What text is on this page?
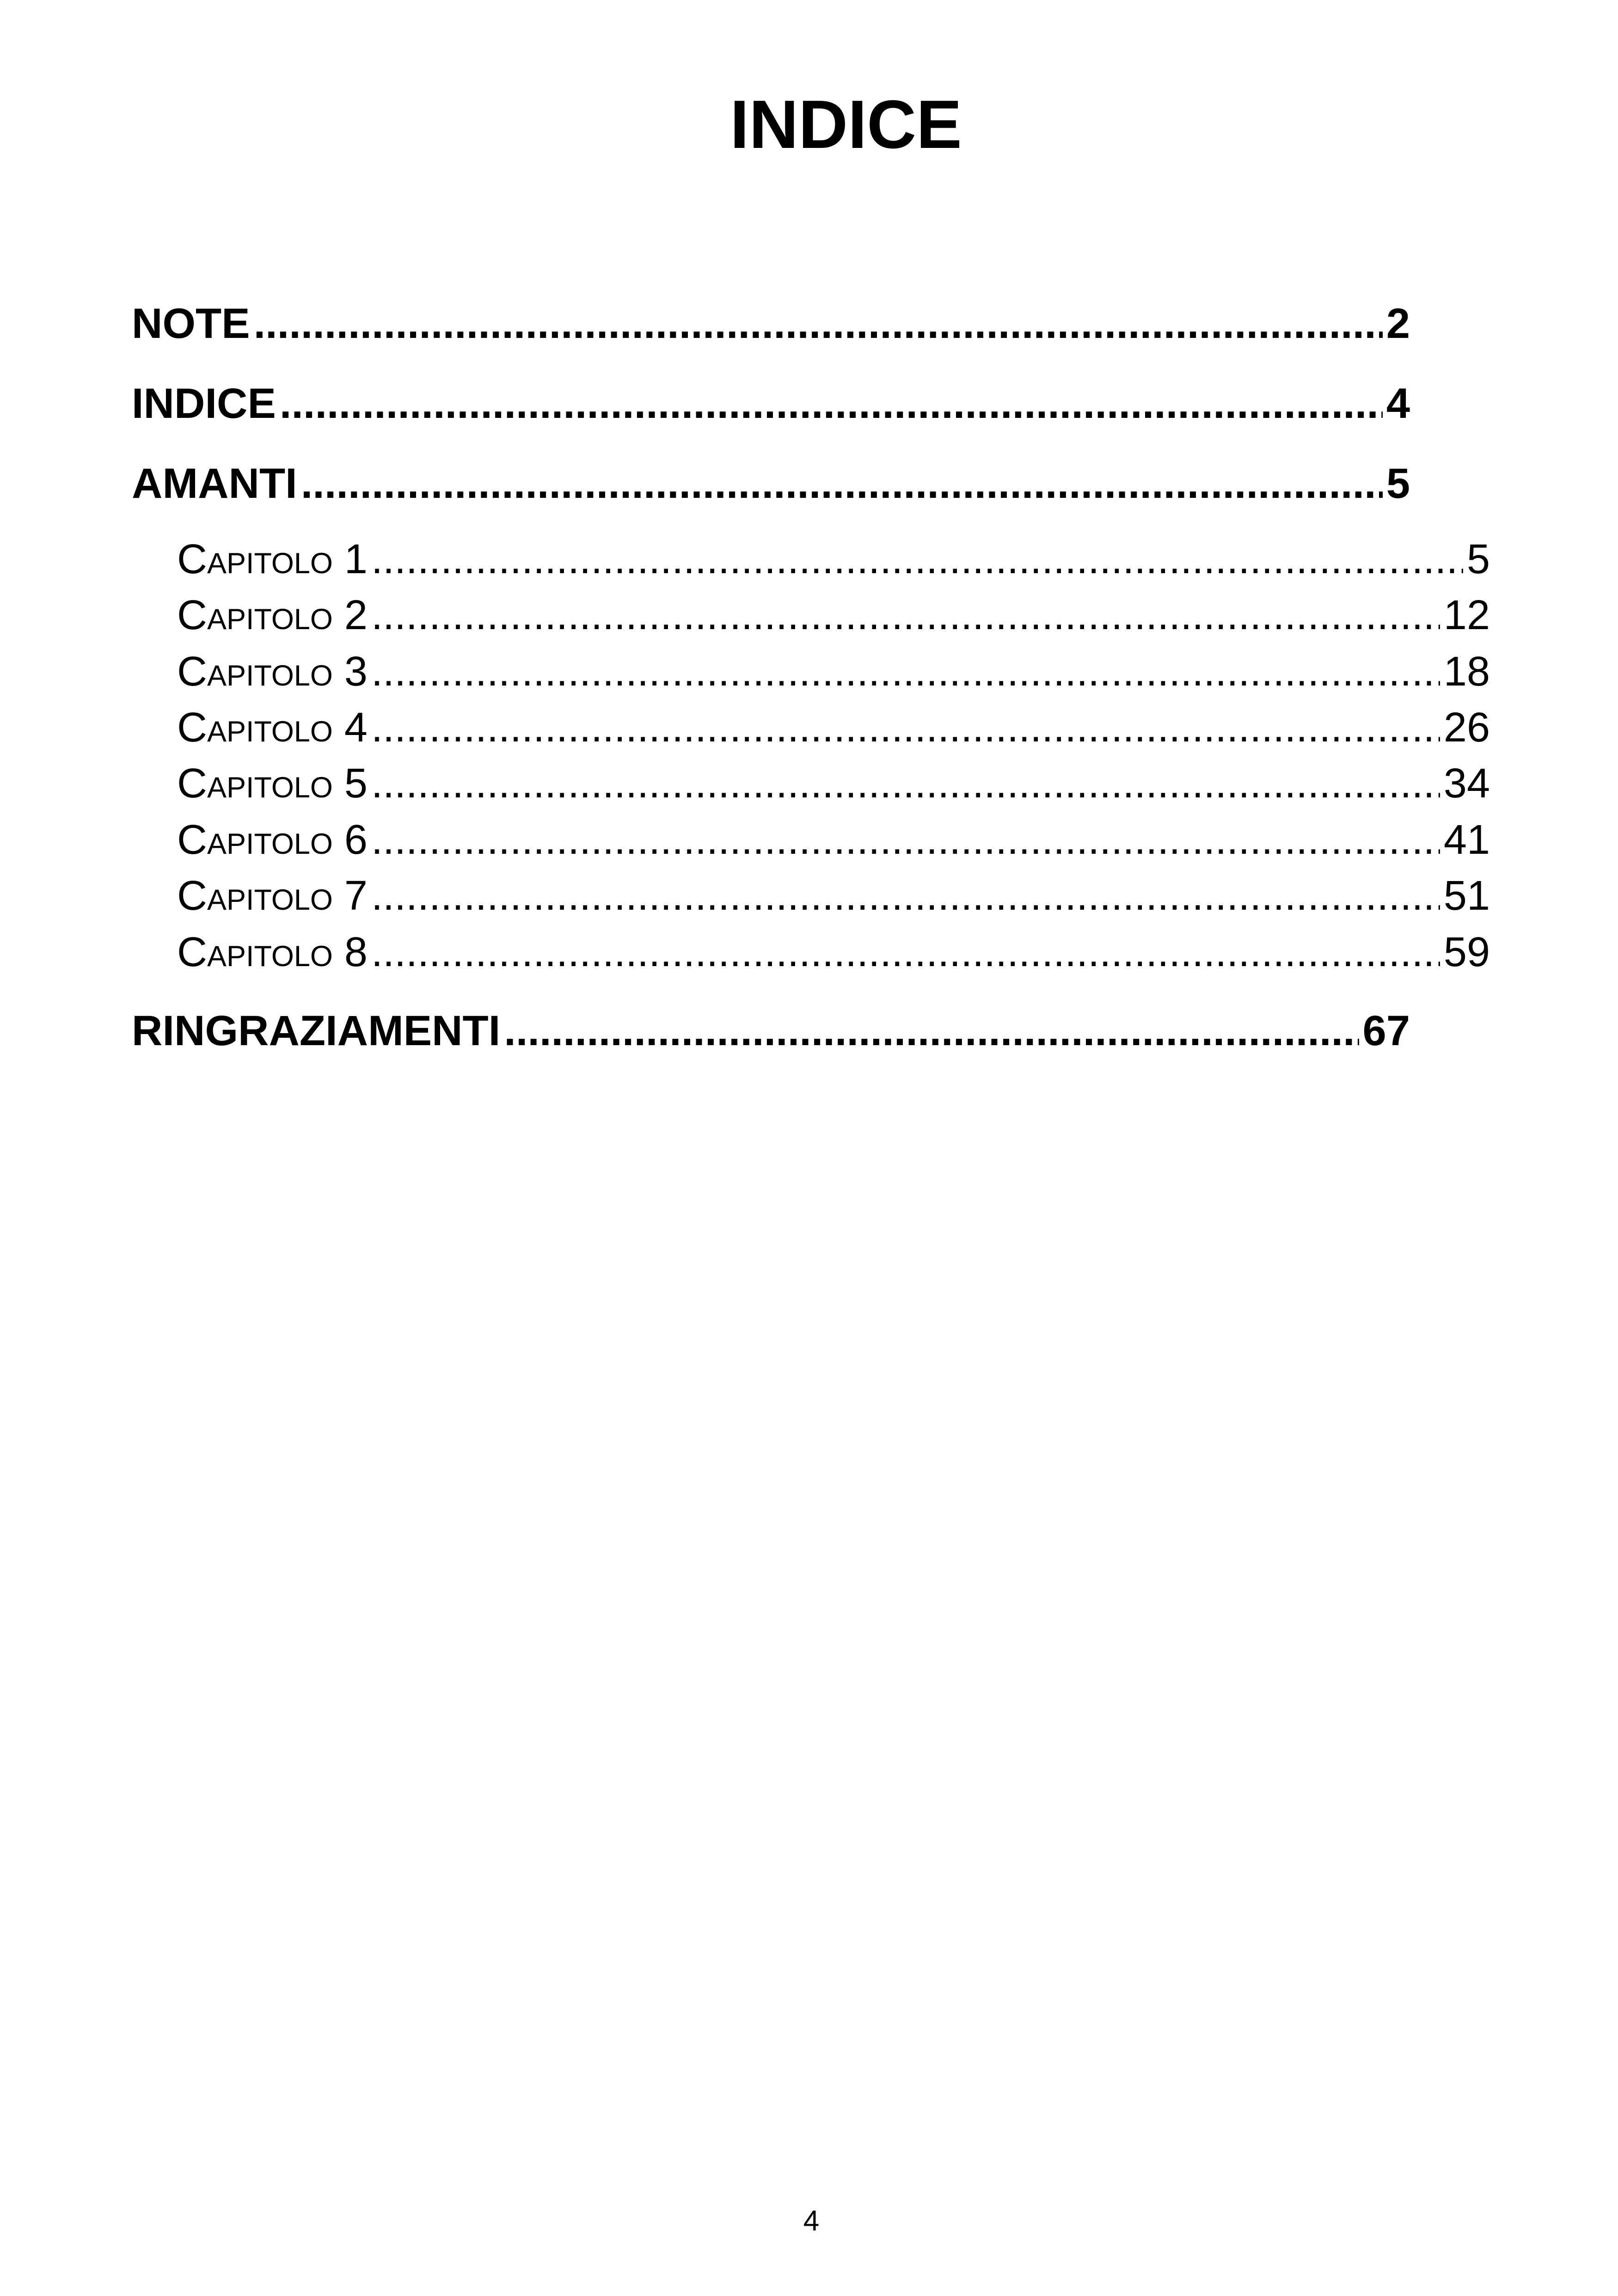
INDICE
NOTE .....	2
INDICE .....	4
AMANTI .....	5
Capitolo 1 .....	5
Capitolo 2 .....	12
Capitolo 3 .....	18
Capitolo 4 .....	26
Capitolo 5 .....	34
Capitolo 6 .....	41
Capitolo 7 .....	51
Capitolo 8 .....	59
RINGRAZIAMENTI .....	67
4
